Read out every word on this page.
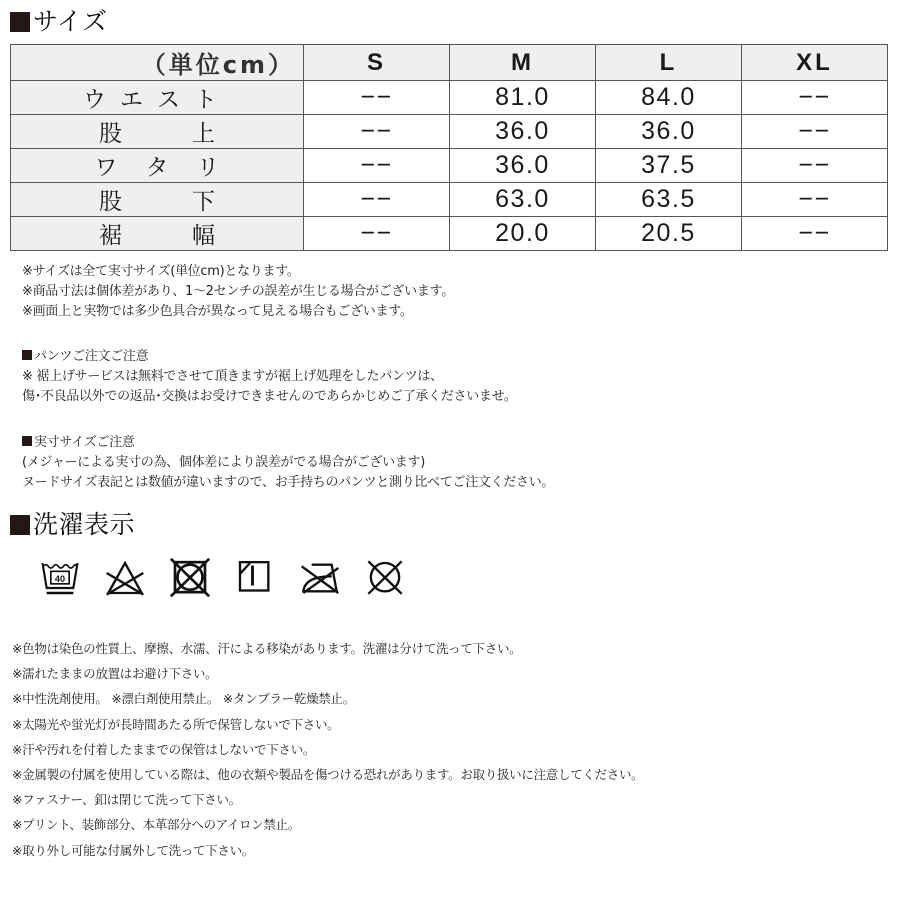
サイズ
（単位cm）	S	M	L	XL
ウエスト	−−	81.0	84.0	−−
股 上	−−	36.0	36.0	−−
ワ タ リ	−−	36.0	37.5	−−
股 下	−−	63.0	63.5	−−
裾 幅	−−	20.0	20.5	−−
※サイズは全て実寸サイズ(単位cm)となります。
※商品寸法は個体差があり、1～2センチの誤差が生じる場合がございます。
※画面上と実物では多少色具合が異なって見える場合もございます。
パンツご注文ご注意
※ 裾上げサービスは無料でさせて頂きますが裾上げ処理をしたパンツは、
傷･不良品以外での返品･交換はお受けできませんのであらかじめご了承くださいませ。
実寸サイズご注意
(メジャーによる実寸の為、個体差により誤差がでる場合がございます)
ヌードサイズ表記とは数値が違いますので、お手持ちのパンツと測り比べてご注文ください。
洗濯表示
40
※色物は染色の性質上、摩擦、水濡、汗による移染があります。洗濯は分けて洗って下さい。
※濡れたままの放置はお避け下さい。
※中性洗剤使用。 ※漂白剤使用禁止。 ※タンブラー乾燥禁止。
※太陽光や蛍光灯が長時間あたる所で保管しないで下さい。
※汗や汚れを付着したままでの保管はしないで下さい。
※金属製の付属を使用している際は、他の衣類や製品を傷つける恐れがあります。お取り扱いに注意してください。
※ファスナー、釦は閉じて洗って下さい。
※プリント、装飾部分、本革部分へのアイロン禁止。
※取り外し可能な付属外して洗って下さい。
